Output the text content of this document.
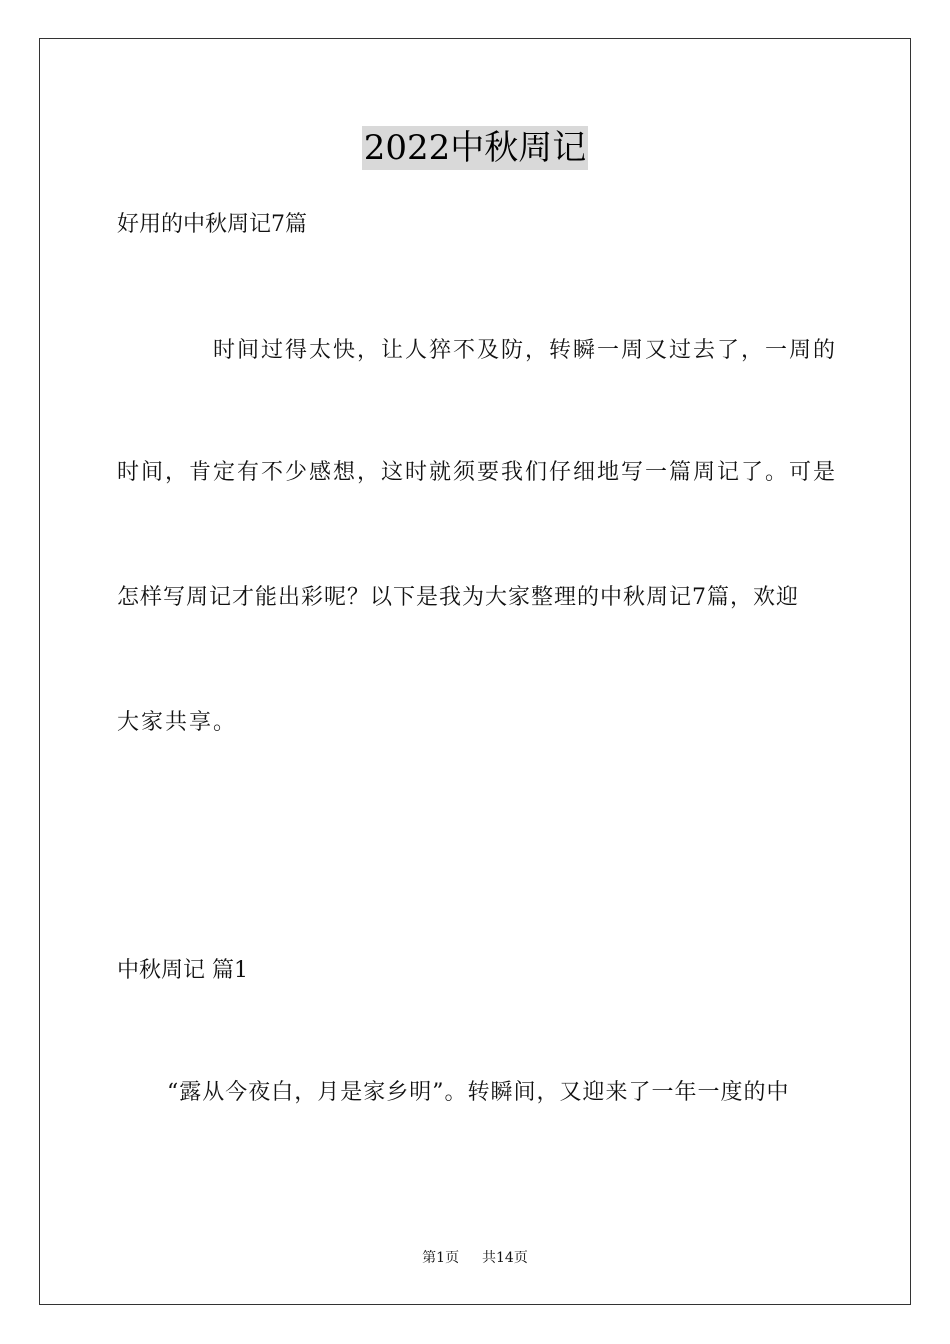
2022中秋周记
好用的中秋周记7篇
时间过得太快，让人猝不及防，转瞬一周又过去了，一周的
时间，肯定有不少感想，这时就须要我们仔细地写一篇周记了。可是
怎样写周记才能出彩呢？以下是我为大家整理的中秋周记7篇，欢迎
大家共享。
中秋周记 篇1
“露从今夜白，月是家乡明”。转瞬间，又迎来了一年一度的中
第1页 共14页
